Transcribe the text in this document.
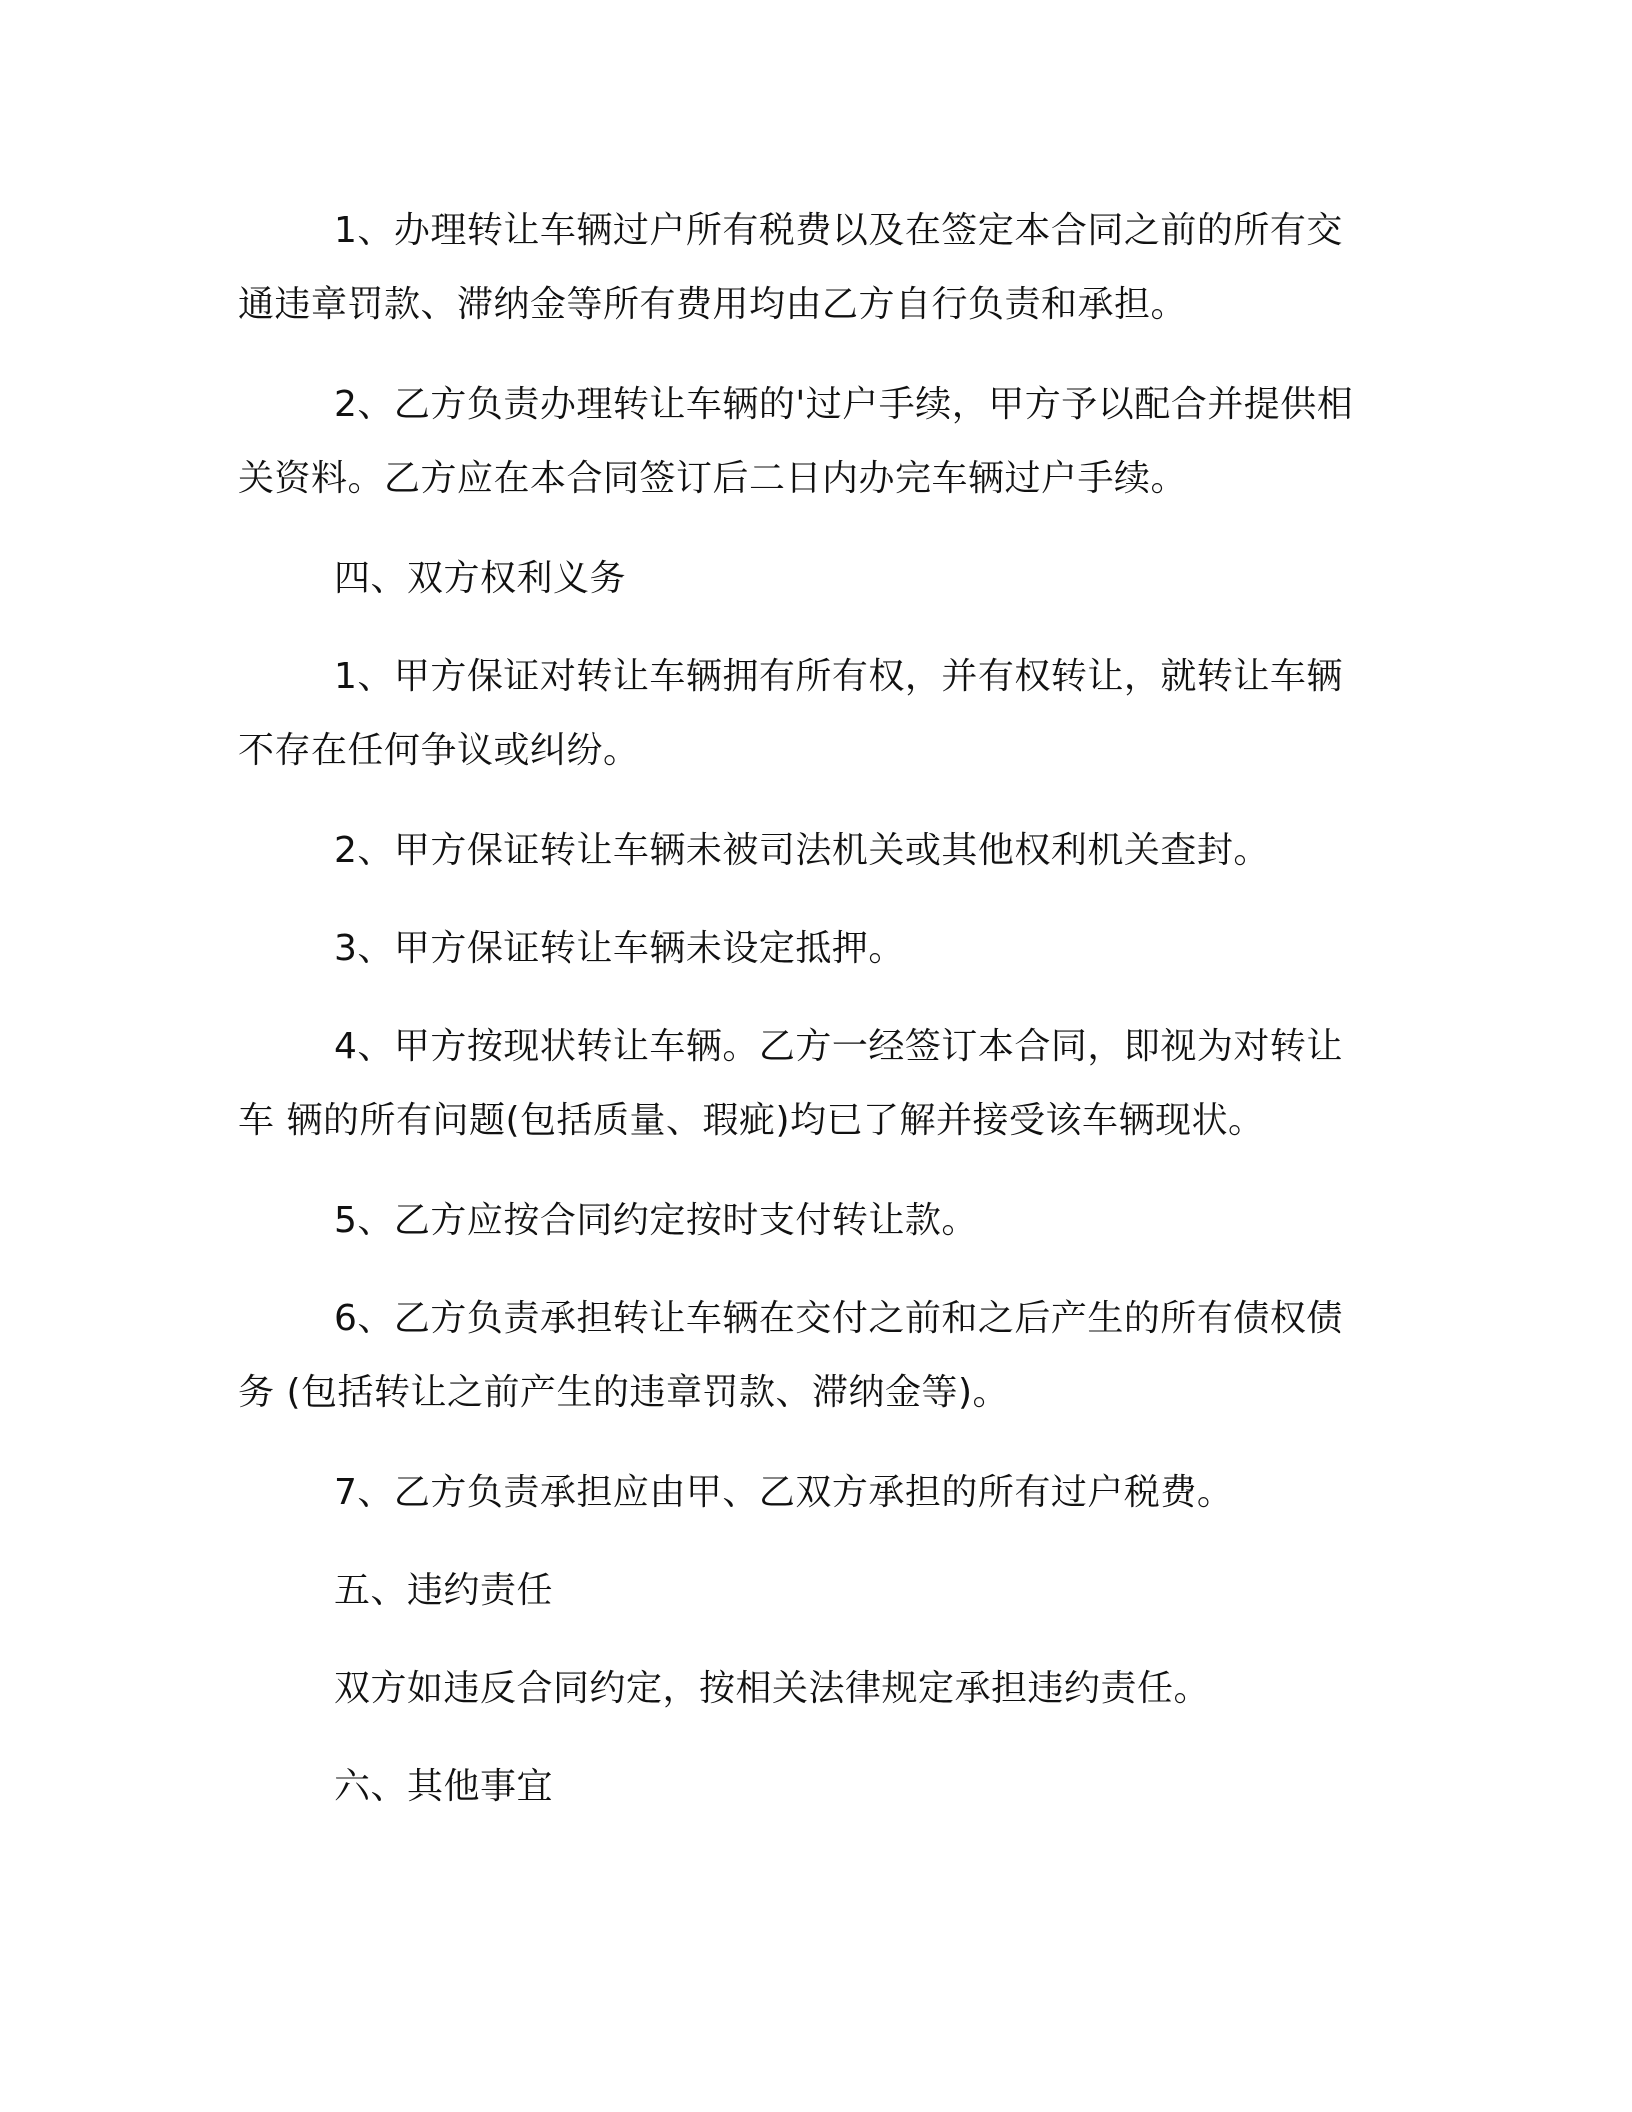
1、办理转让车辆过户所有税费以及在签定本合同之前的所有交通违章罚款、滞纳金等所有费用均由乙方自行负责和承担。

2、乙方负责办理转让车辆的'过户手续，甲方予以配合并提供相关资料。乙方应在本合同签订后二日内办完车辆过户手续。

四、双方权利义务

1、甲方保证对转让车辆拥有所有权，并有权转让，就转让车辆不存在任何争议或纠纷。

2、甲方保证转让车辆未被司法机关或其他权利机关查封。

3、甲方保证转让车辆未设定抵押。

4、甲方按现状转让车辆。乙方一经签订本合同，即视为对转让车 辆的所有问题(包括质量、瑕疵)均已了解并接受该车辆现状。

5、乙方应按合同约定按时支付转让款。

6、乙方负责承担转让车辆在交付之前和之后产生的所有债权债务 (包括转让之前产生的违章罚款、滞纳金等)。

7、乙方负责承担应由甲、乙双方承担的所有过户税费。

五、违约责任

双方如违反合同约定，按相关法律规定承担违约责任。

六、其他事宜
